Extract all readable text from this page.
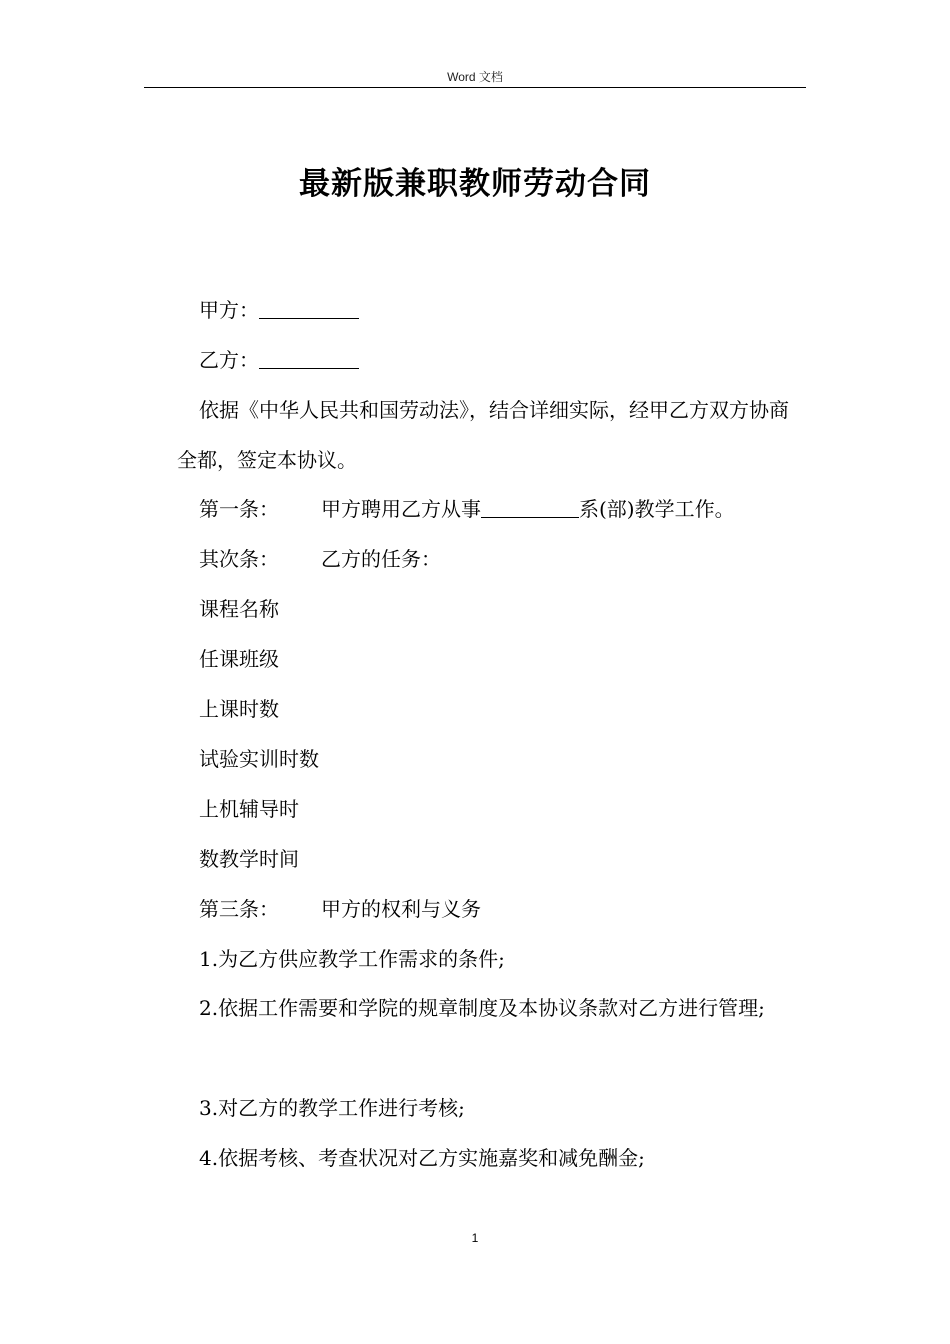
Word 文档
最新版兼职教师劳动合同
甲方：
乙方：
依据《中华人民共和国劳动法》，结合详细实际，经甲乙方双方协商全都，签定本协议。
第一条： 甲方聘用乙方从事	系(部)教学工作。
其次条： 乙方的任务：
课程名称
任课班级
上课时数
试验实训时数
上机辅导时
数教学时间
第三条： 甲方的权利与义务
1.为乙方供应教学工作需求的条件;
2.依据工作需要和学院的规章制度及本协议条款对乙方进行管理;
3.对乙方的教学工作进行考核;
4.依据考核、考查状况对乙方实施嘉奖和减免酬金;
1
